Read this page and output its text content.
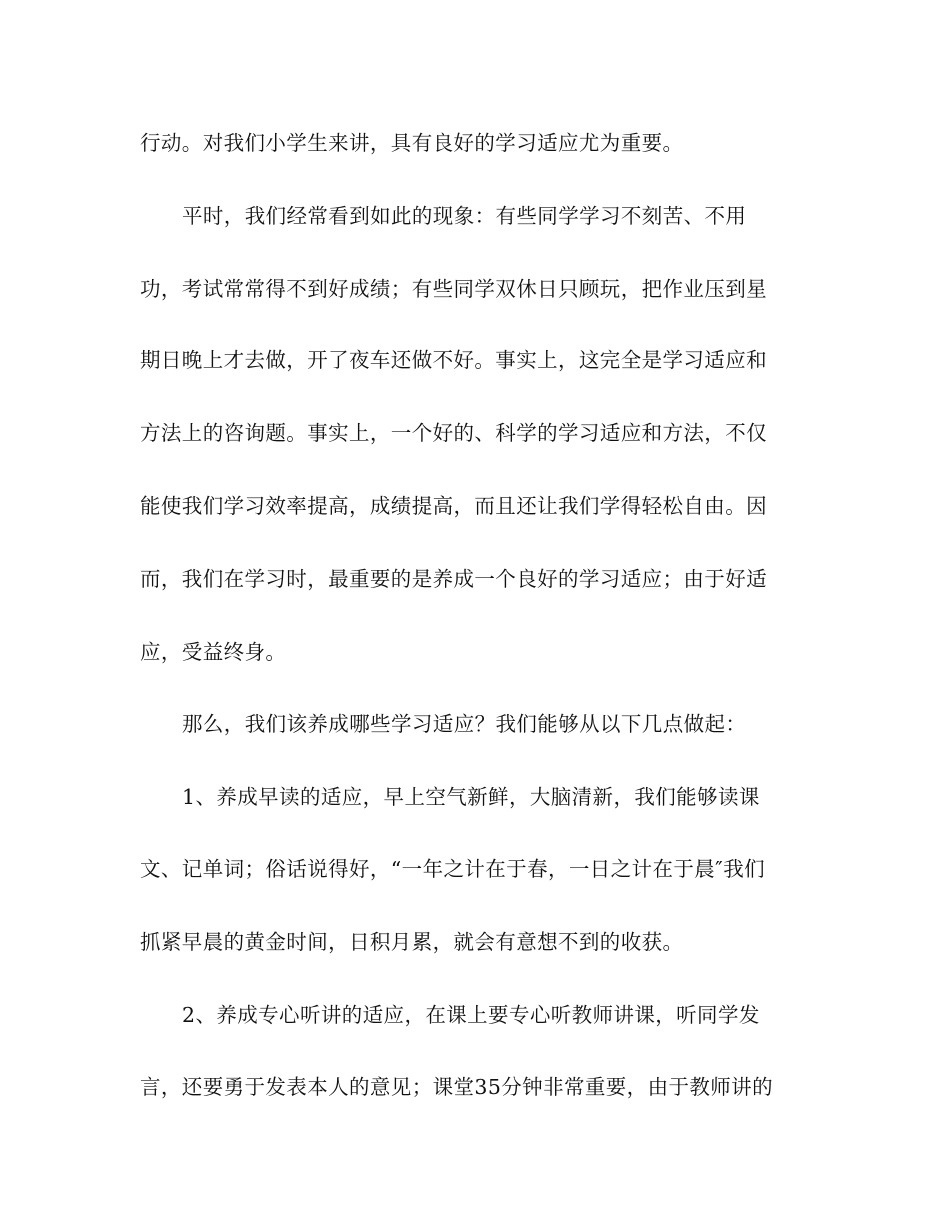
行动。对我们小学生来讲，具有良好的学习适应尤为重要。
平时，我们经常看到如此的现象：有些同学学习不刻苦、不用
功，考试常常得不到好成绩；有些同学双休日只顾玩，把作业压到星
期日晚上才去做，开了夜车还做不好。事实上，这完全是学习适应和
方法上的咨询题。事实上，一个好的、科学的学习适应和方法，不仅
能使我们学习效率提高，成绩提高，而且还让我们学得轻松自由。因
而，我们在学习时，最重要的是养成一个良好的学习适应；由于好适
应，受益终身。
那么，我们该养成哪些学习适应？我们能够从以下几点做起：
1、养成早读的适应，早上空气新鲜，大脑清新，我们能够读课
文、记单词；俗话说得好，“一年之计在于春，一日之计在于晨″我们
抓紧早晨的黄金时间，日积月累，就会有意想不到的收获。
2、养成专心听讲的适应，在课上要专心听教师讲课，听同学发
言，还要勇于发表本人的意见；课堂35分钟非常重要，由于教师讲的
